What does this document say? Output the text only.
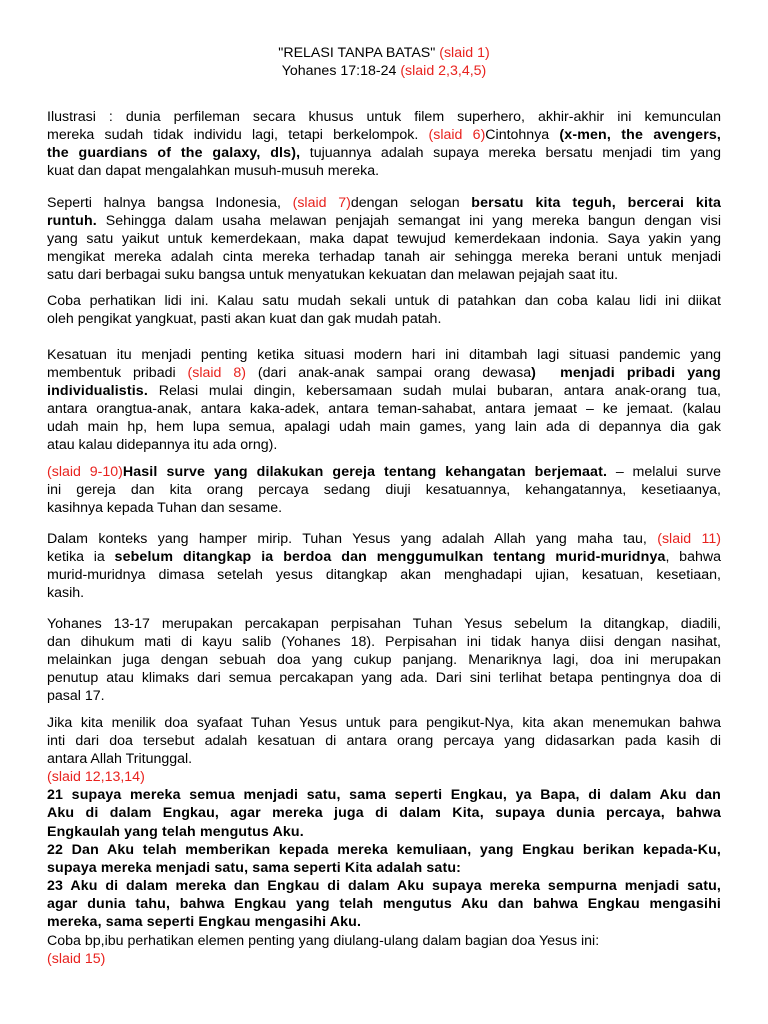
"RELASI TANPA BATAS" (slaid 1)
Yohanes 17:18-24 (slaid 2,3,4,5)
Ilustrasi : dunia perfileman secara khusus untuk filem superhero, akhir-akhir ini kemunculan
mereka sudah tidak individu lagi, tetapi berkelompok. (slaid 6)Cintohnya (x-men, the avengers,
the guardians of the galaxy, dls), tujuannya adalah supaya mereka bersatu menjadi tim yang
kuat dan dapat mengalahkan musuh-musuh mereka.
Seperti halnya bangsa Indonesia, (slaid 7)dengan selogan bersatu kita teguh, bercerai kita
runtuh. Sehingga dalam usaha melawan penjajah semangat ini yang mereka bangun dengan visi
yang satu yaikut untuk kemerdekaan, maka dapat tewujud kemerdekaan indonia. Saya yakin yang
mengikat mereka adalah cinta mereka terhadap tanah air sehingga mereka berani untuk menjadi
satu dari berbagai suku bangsa untuk menyatukan kekuatan dan melawan pejajah saat itu.
Coba perhatikan lidi ini. Kalau satu mudah sekali untuk di patahkan dan coba kalau lidi ini diikat
oleh pengikat yangkuat, pasti akan kuat dan gak mudah patah.
Kesatuan itu menjadi penting ketika situasi modern hari ini ditambah lagi situasi pandemic yang
membentuk pribadi (slaid 8) (dari anak-anak sampai orang dewasa)  menjadi pribadi yang
individualistis. Relasi mulai dingin, kebersamaan sudah mulai bubaran, antara anak-orang tua,
antara orangtua-anak, antara kaka-adek, antara teman-sahabat, antara jemaat – ke jemaat. (kalau
udah main hp, hem lupa semua, apalagi udah main games, yang lain ada di depannya dia gak
atau kalau didepannya itu ada orng).
(slaid 9-10)Hasil surve yang dilakukan gereja tentang kehangatan berjemaat. – melalui surve
ini gereja dan kita orang percaya sedang diuji kesatuannya, kehangatannya, kesetiaanya,
kasihnya kepada Tuhan dan sesame.
Dalam konteks yang hamper mirip. Tuhan Yesus yang adalah Allah yang maha tau, (slaid 11)
ketika ia sebelum ditangkap ia berdoa dan menggumulkan tentang murid-muridnya, bahwa
murid-muridnya dimasa setelah yesus ditangkap akan menghadapi ujian, kesatuan, kesetiaan,
kasih.
Yohanes 13-17 merupakan percakapan perpisahan Tuhan Yesus sebelum Ia ditangkap, diadili,
dan dihukum mati di kayu salib (Yohanes 18). Perpisahan ini tidak hanya diisi dengan nasihat,
melainkan juga dengan sebuah doa yang cukup panjang. Menariknya lagi, doa ini merupakan
penutup atau klimaks dari semua percakapan yang ada. Dari sini terlihat betapa pentingnya doa di
pasal 17.
Jika kita menilik doa syafaat Tuhan Yesus untuk para pengikut-Nya, kita akan menemukan bahwa
inti dari doa tersebut adalah kesatuan di antara orang percaya yang didasarkan pada kasih di
antara Allah Tritunggal.
(slaid 12,13,14)
21 supaya mereka semua menjadi satu, sama seperti Engkau, ya Bapa, di dalam Aku dan
Aku di dalam Engkau, agar mereka juga di dalam Kita, supaya dunia percaya, bahwa
Engkaulah yang telah mengutus Aku.
22 Dan Aku telah memberikan kepada mereka kemuliaan, yang Engkau berikan kepada-Ku,
supaya mereka menjadi satu, sama seperti Kita adalah satu:
23 Aku di dalam mereka dan Engkau di dalam Aku supaya mereka sempurna menjadi satu,
agar dunia tahu, bahwa Engkau yang telah mengutus Aku dan bahwa Engkau mengasihi
mereka, sama seperti Engkau mengasihi Aku.
Coba bp,ibu perhatikan elemen penting yang diulang-ulang dalam bagian doa Yesus ini:
(slaid 15)
